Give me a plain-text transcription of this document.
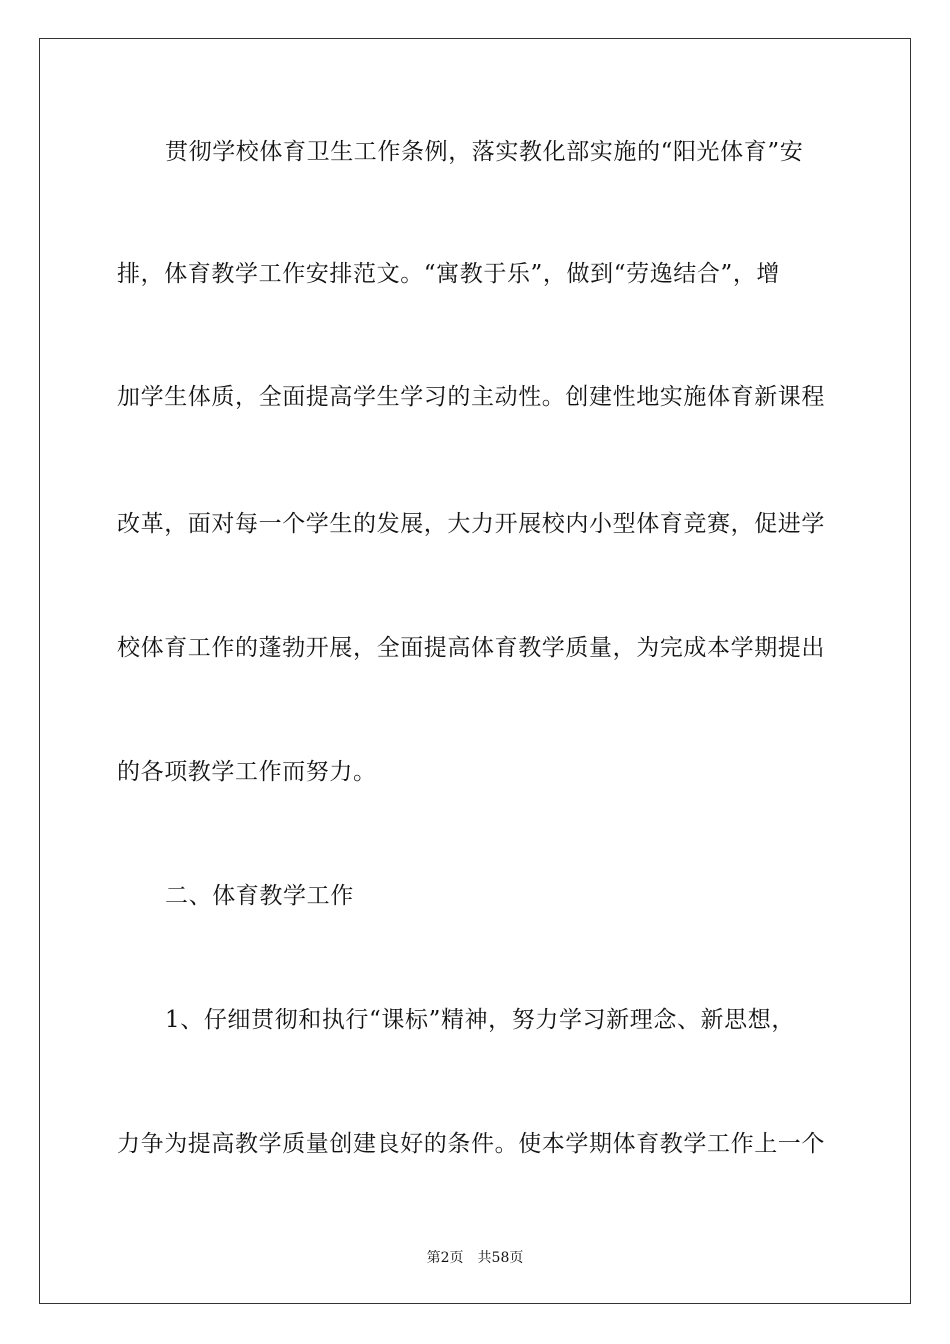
贯彻学校体育卫生工作条例，落实教化部实施的“阳光体育”安
排，体育教学工作安排范文。“寓教于乐”，做到“劳逸结合”，增
加学生体质，全面提高学生学习的主动性。创建性地实施体育新课程
改革，面对每一个学生的发展，大力开展校内小型体育竞赛，促进学
校体育工作的蓬勃开展，全面提高体育教学质量，为完成本学期提出
的各项教学工作而努力。
二、体育教学工作
1、仔细贯彻和执行“课标”精神，努力学习新理念、新思想，
力争为提高教学质量创建良好的条件。使本学期体育教学工作上一个
第2页 共58页
